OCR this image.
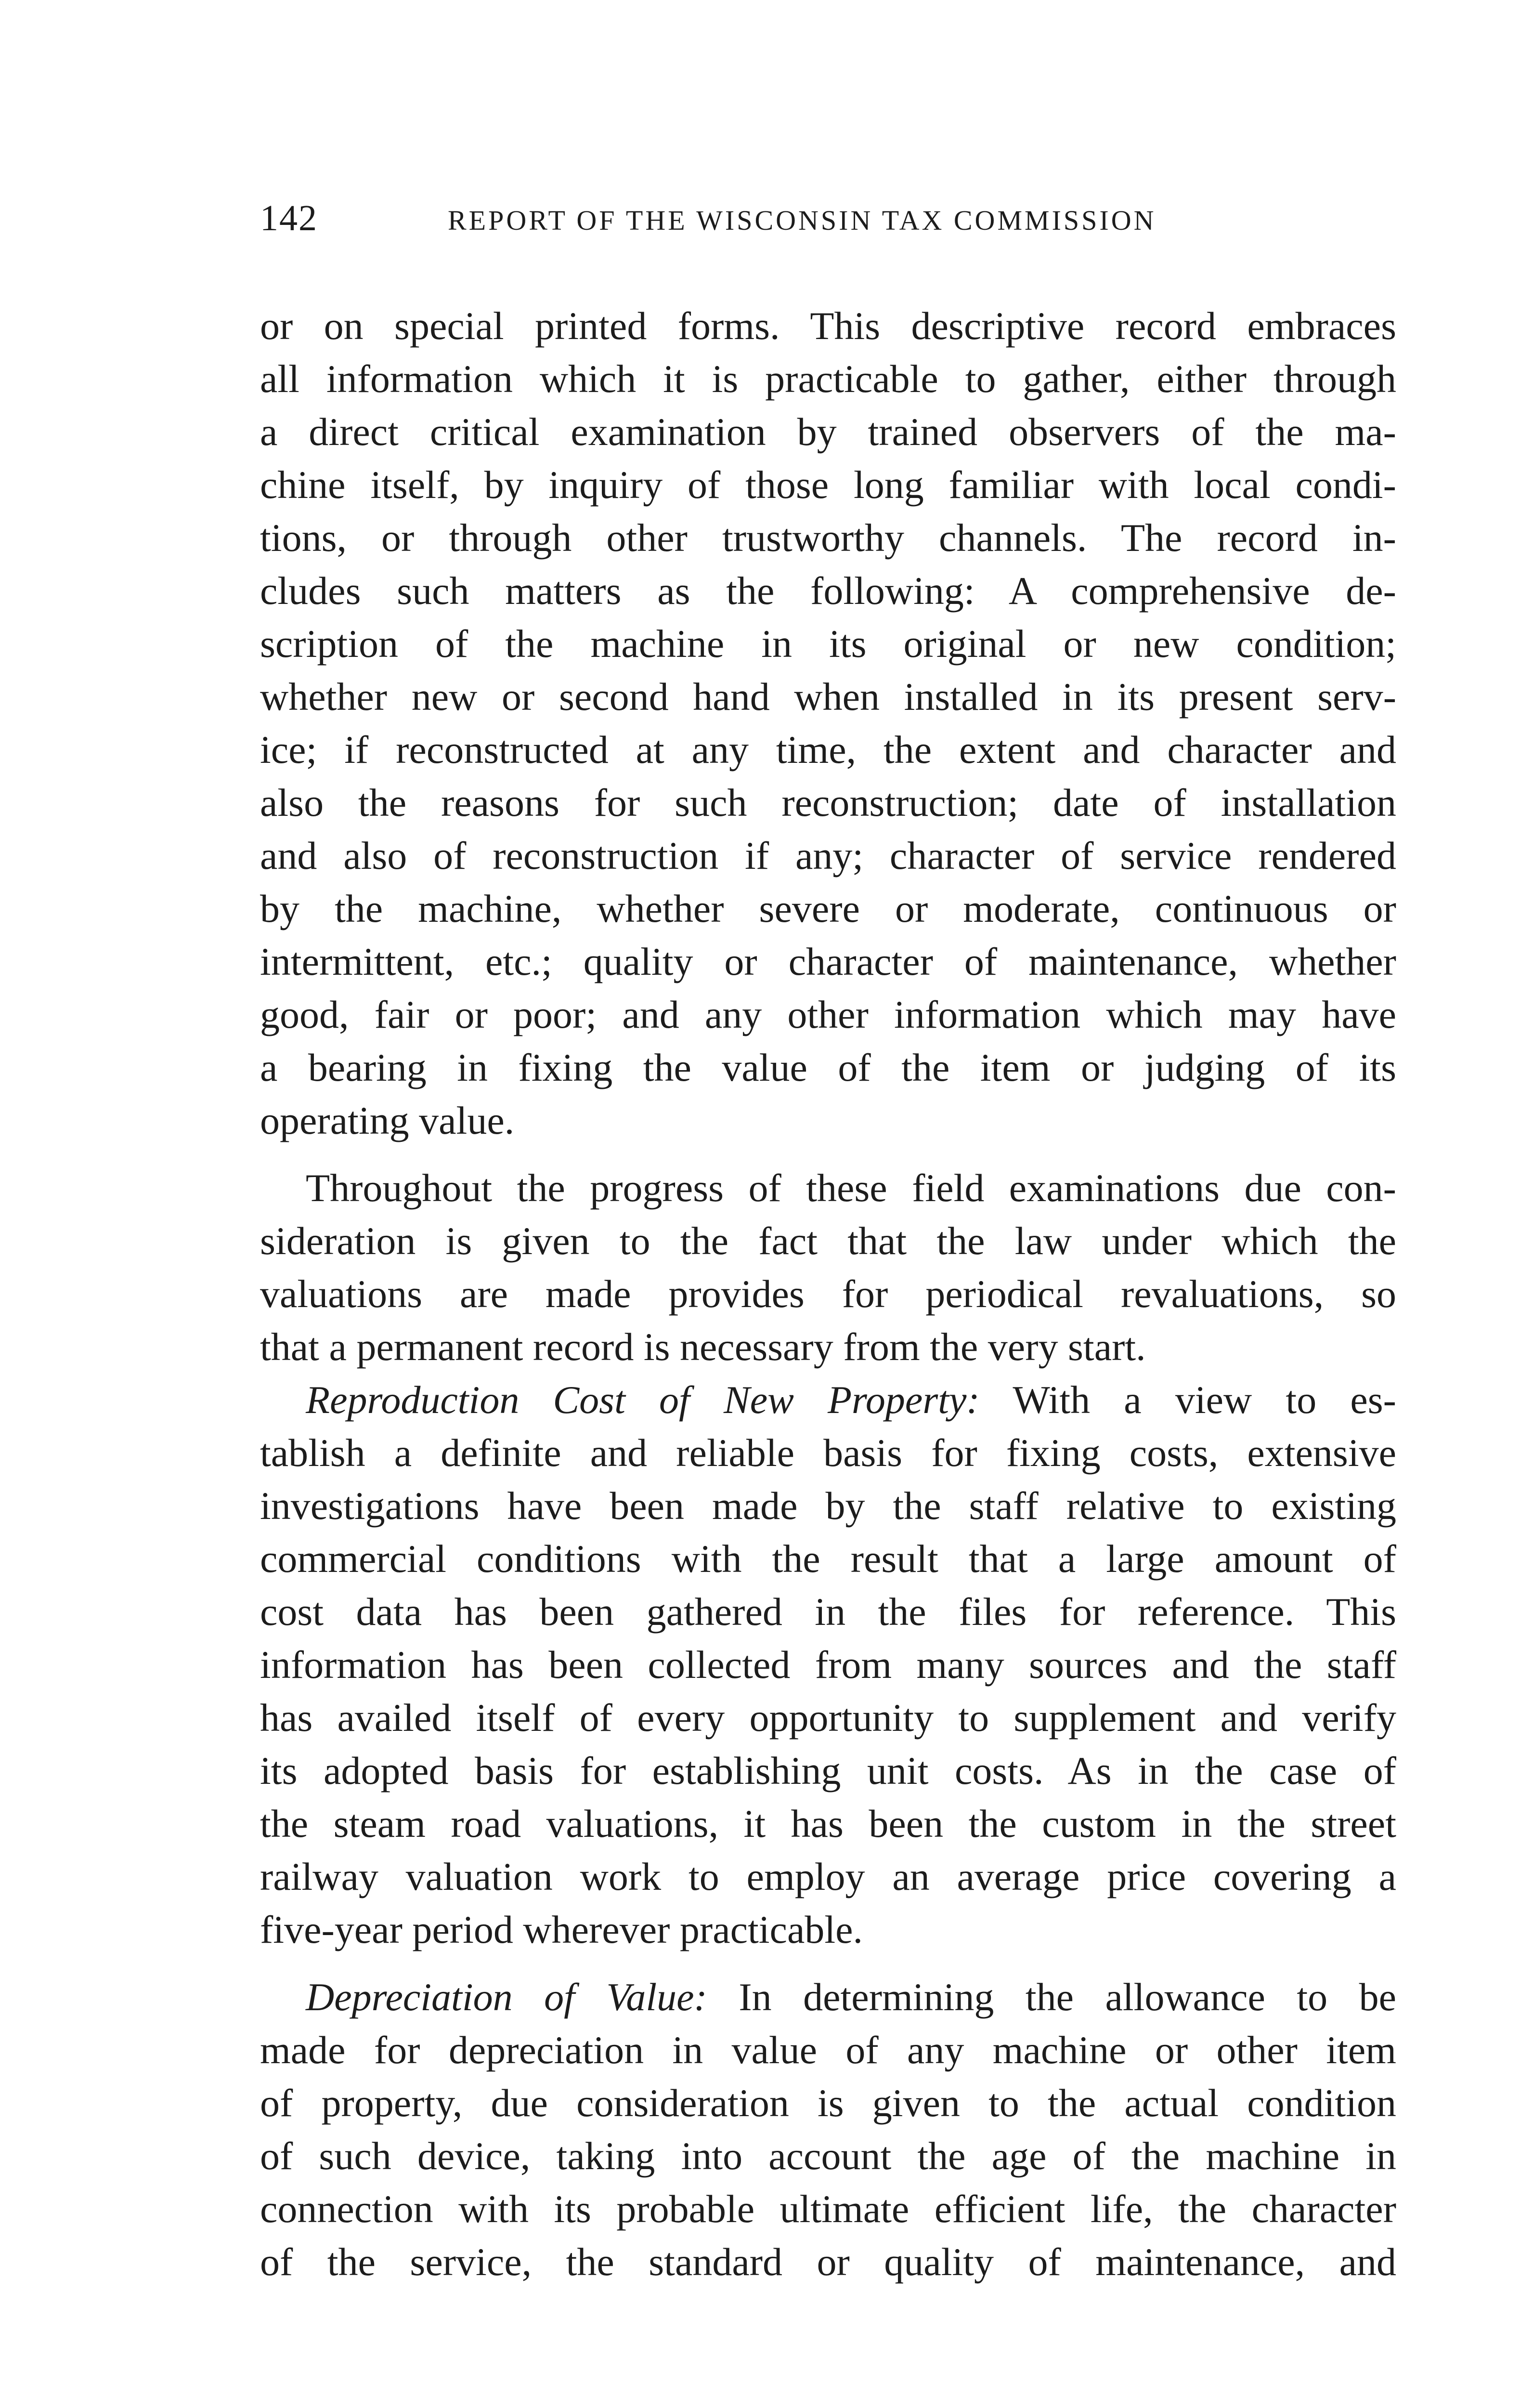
142	REPORT OF THE WISCONSIN TAX COMMISSION
or on special printed forms. This descriptive record embraces
all information which it is practicable to gather, either through
a direct critical examination by trained observers of the ma-
chine itself, by inquiry of those long familiar with local condi-
tions, or through other trustworthy channels. The record in-
cludes such matters as the following: A comprehensive de-
scription of the machine in its original or new condition;
whether new or second hand when installed in its present serv-
ice; if reconstructed at any time, the extent and character and
also the reasons for such reconstruction; date of installation
and also of reconstruction if any; character of service rendered
by the machine, whether severe or moderate, continuous or
intermittent, etc.; quality or character of maintenance, whether
good, fair or poor; and any other information which may have
a bearing in fixing the value of the item or judging of its
operating value.
Throughout the progress of these field examinations due con-
sideration is given to the fact that the law under which the
valuations are made provides for periodical revaluations, so
that a permanent record is necessary from the very start.
Reproduction Cost of New Property: With a view to es-
tablish a definite and reliable basis for fixing costs, extensive
investigations have been made by the staff relative to existing
commercial conditions with the result that a large amount of
cost data has been gathered in the files for reference. This
information has been collected from many sources and the staff
has availed itself of every opportunity to supplement and verify
its adopted basis for establishing unit costs. As in the case of
the steam road valuations, it has been the custom in the street
railway valuation work to employ an average price covering a
five-year period wherever practicable.
Depreciation of Value: In determining the allowance to be
made for depreciation in value of any machine or other item
of property, due consideration is given to the actual condition
of such device, taking into account the age of the machine in
connection with its probable ultimate efficient life, the character
of the service, the standard or quality of maintenance, and
